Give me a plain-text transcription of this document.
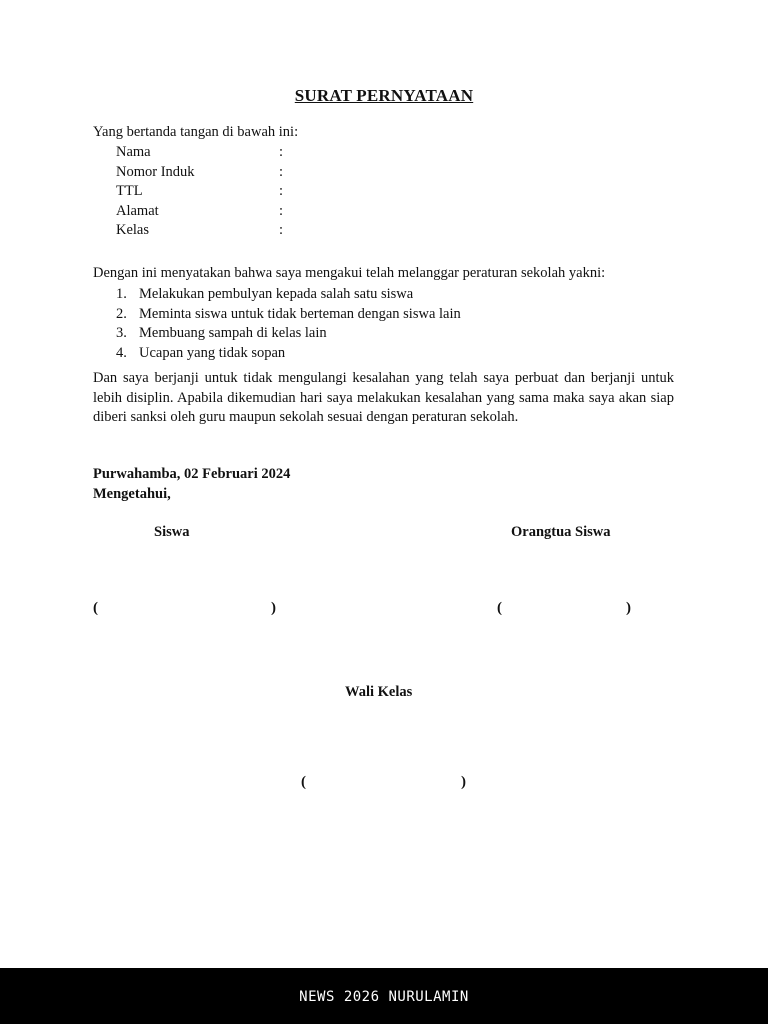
SURAT PERNYATAAN
Yang bertanda tangan di bawah ini:
Nama	:
Nomor Induk	:
TTL	:
Alamat	:
Kelas	:
Dengan ini menyatakan bahwa saya mengakui telah melanggar peraturan sekolah yakni:
1. Melakukan pembulyan kepada salah satu siswa
2. Meminta siswa untuk tidak berteman dengan siswa lain
3. Membuang sampah di kelas lain
4. Ucapan yang tidak sopan
Dan saya berjanji untuk tidak mengulangi kesalahan yang telah saya perbuat dan berjanji untuk lebih disiplin. Apabila dikemudian hari saya melakukan kesalahan yang sama maka saya akan siap diberi sanksi oleh guru maupun sekolah sesuai dengan peraturan sekolah.
Purwahamba, 02 Februari 2024
Mengetahui,
Siswa	Orangtua Siswa
(	)	(	)
Wali Kelas
(	)
NEWS 2026 NURULAMIN
